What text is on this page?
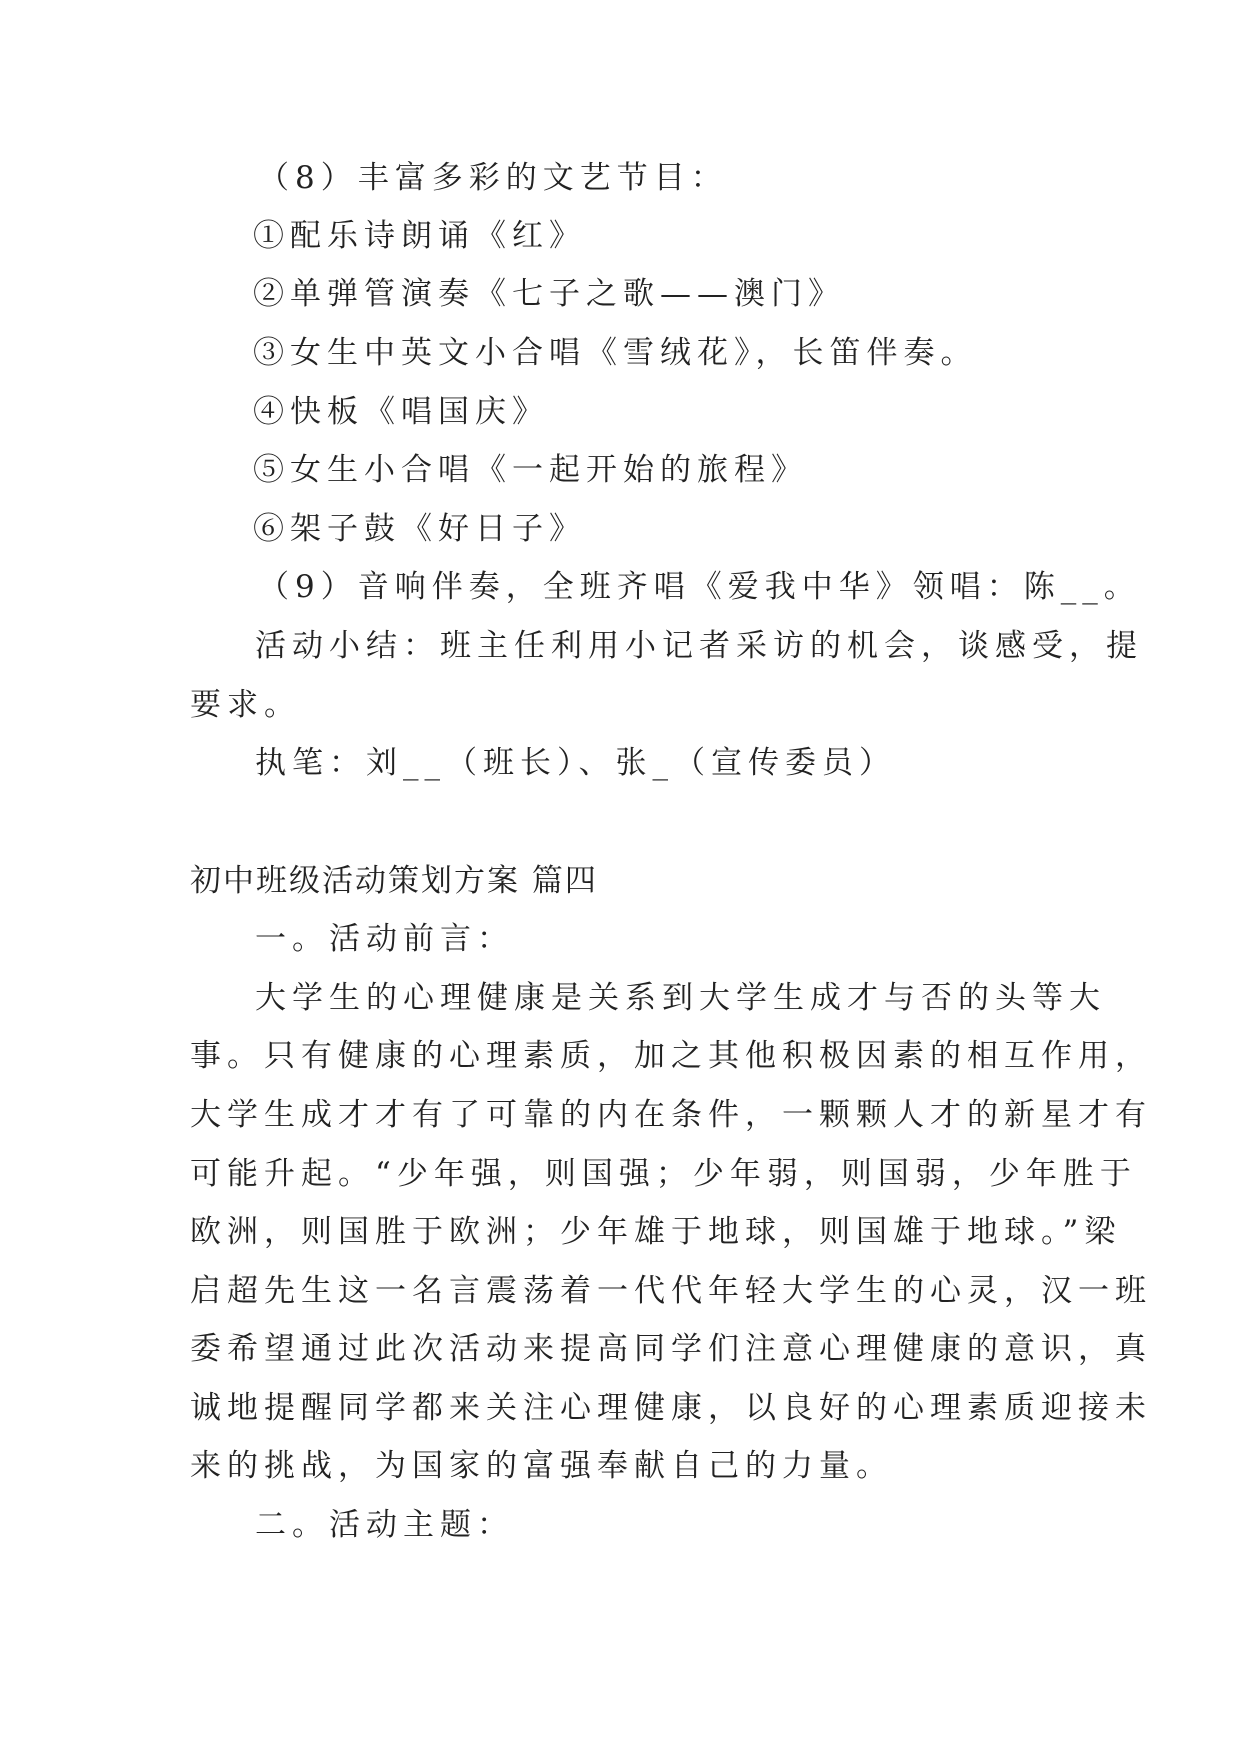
（8）丰富多彩的文艺节目：
①配乐诗朗诵《红》
②单弹管演奏《七子之歌——澳门》
③女生中英文小合唱《雪绒花》，长笛伴奏。
④快板《唱国庆》
⑤女生小合唱《一起开始的旅程》
⑥架子鼓《好日子》
（9）音响伴奏，全班齐唱《爱我中华》领唱：陈__。
活动小结：班主任利用小记者采访的机会，谈感受，提
要求。
执笔：刘__（班长）、张_（宣传委员）
初中班级活动策划方案 篇四
一。活动前言：
大学生的心理健康是关系到大学生成才与否的头等大
事。只有健康的心理素质，加之其他积极因素的相互作用，
大学生成才才有了可靠的内在条件，一颗颗人才的新星才有
可能升起。“少年强，则国强；少年弱，则国弱，少年胜于
欧洲，则国胜于欧洲；少年雄于地球，则国雄于地球。”梁
启超先生这一名言震荡着一代代年轻大学生的心灵，汉一班
委希望通过此次活动来提高同学们注意心理健康的意识，真
诚地提醒同学都来关注心理健康，以良好的心理素质迎接未
来的挑战，为国家的富强奉献自己的力量。
二。活动主题：
